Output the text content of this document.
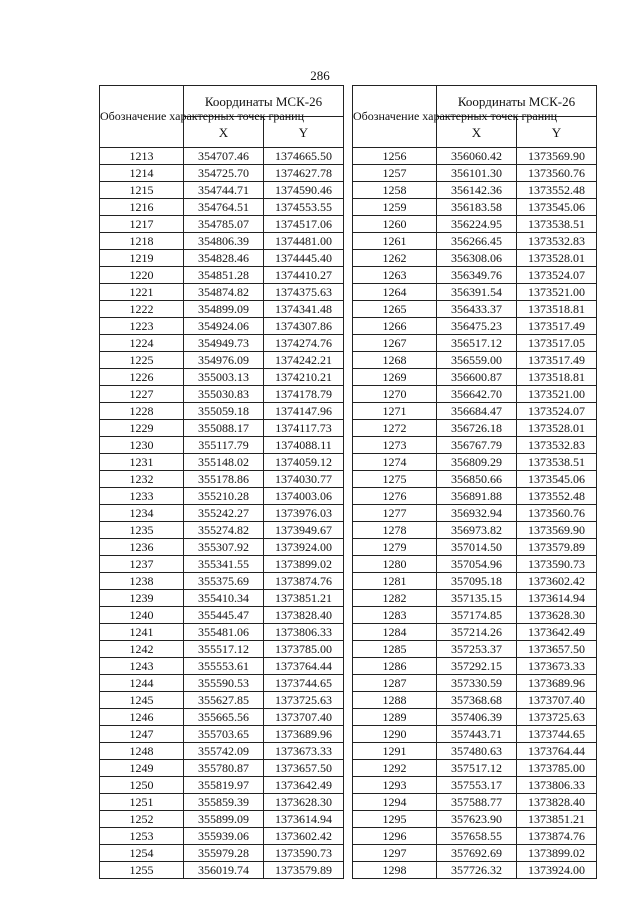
286
Обозначение характерных точек границ	Координаты МСК-26	
	X	Y
1213	354707.46	1374665.50
1214	354725.70	1374627.78
1215	354744.71	1374590.46
1216	354764.51	1374553.55
1217	354785.07	1374517.06
1218	354806.39	1374481.00
1219	354828.46	1374445.40
1220	354851.28	1374410.27
1221	354874.82	1374375.63
1222	354899.09	1374341.48
1223	354924.06	1374307.86
1224	354949.73	1374274.76
1225	354976.09	1374242.21
1226	355003.13	1374210.21
1227	355030.83	1374178.79
1228	355059.18	1374147.96
1229	355088.17	1374117.73
1230	355117.79	1374088.11
1231	355148.02	1374059.12
1232	355178.86	1374030.77
1233	355210.28	1374003.06
1234	355242.27	1373976.03
1235	355274.82	1373949.67
1236	355307.92	1373924.00
1237	355341.55	1373899.02
1238	355375.69	1373874.76
1239	355410.34	1373851.21
1240	355445.47	1373828.40
1241	355481.06	1373806.33
1242	355517.12	1373785.00
1243	355553.61	1373764.44
1244	355590.53	1373744.65
1245	355627.85	1373725.63
1246	355665.56	1373707.40
1247	355703.65	1373689.96
1248	355742.09	1373673.33
1249	355780.87	1373657.50
1250	355819.97	1373642.49
1251	355859.39	1373628.30
1252	355899.09	1373614.94
1253	355939.06	1373602.42
1254	355979.28	1373590.73
1255	356019.74	1373579.89
Обозначение характерных точек границ	Координаты МСК-26	
	X	Y
1256	356060.42	1373569.90
1257	356101.30	1373560.76
1258	356142.36	1373552.48
1259	356183.58	1373545.06
1260	356224.95	1373538.51
1261	356266.45	1373532.83
1262	356308.06	1373528.01
1263	356349.76	1373524.07
1264	356391.54	1373521.00
1265	356433.37	1373518.81
1266	356475.23	1373517.49
1267	356517.12	1373517.05
1268	356559.00	1373517.49
1269	356600.87	1373518.81
1270	356642.70	1373521.00
1271	356684.47	1373524.07
1272	356726.18	1373528.01
1273	356767.79	1373532.83
1274	356809.29	1373538.51
1275	356850.66	1373545.06
1276	356891.88	1373552.48
1277	356932.94	1373560.76
1278	356973.82	1373569.90
1279	357014.50	1373579.89
1280	357054.96	1373590.73
1281	357095.18	1373602.42
1282	357135.15	1373614.94
1283	357174.85	1373628.30
1284	357214.26	1373642.49
1285	357253.37	1373657.50
1286	357292.15	1373673.33
1287	357330.59	1373689.96
1288	357368.68	1373707.40
1289	357406.39	1373725.63
1290	357443.71	1373744.65
1291	357480.63	1373764.44
1292	357517.12	1373785.00
1293	357553.17	1373806.33
1294	357588.77	1373828.40
1295	357623.90	1373851.21
1296	357658.55	1373874.76
1297	357692.69	1373899.02
1298	357726.32	1373924.00
